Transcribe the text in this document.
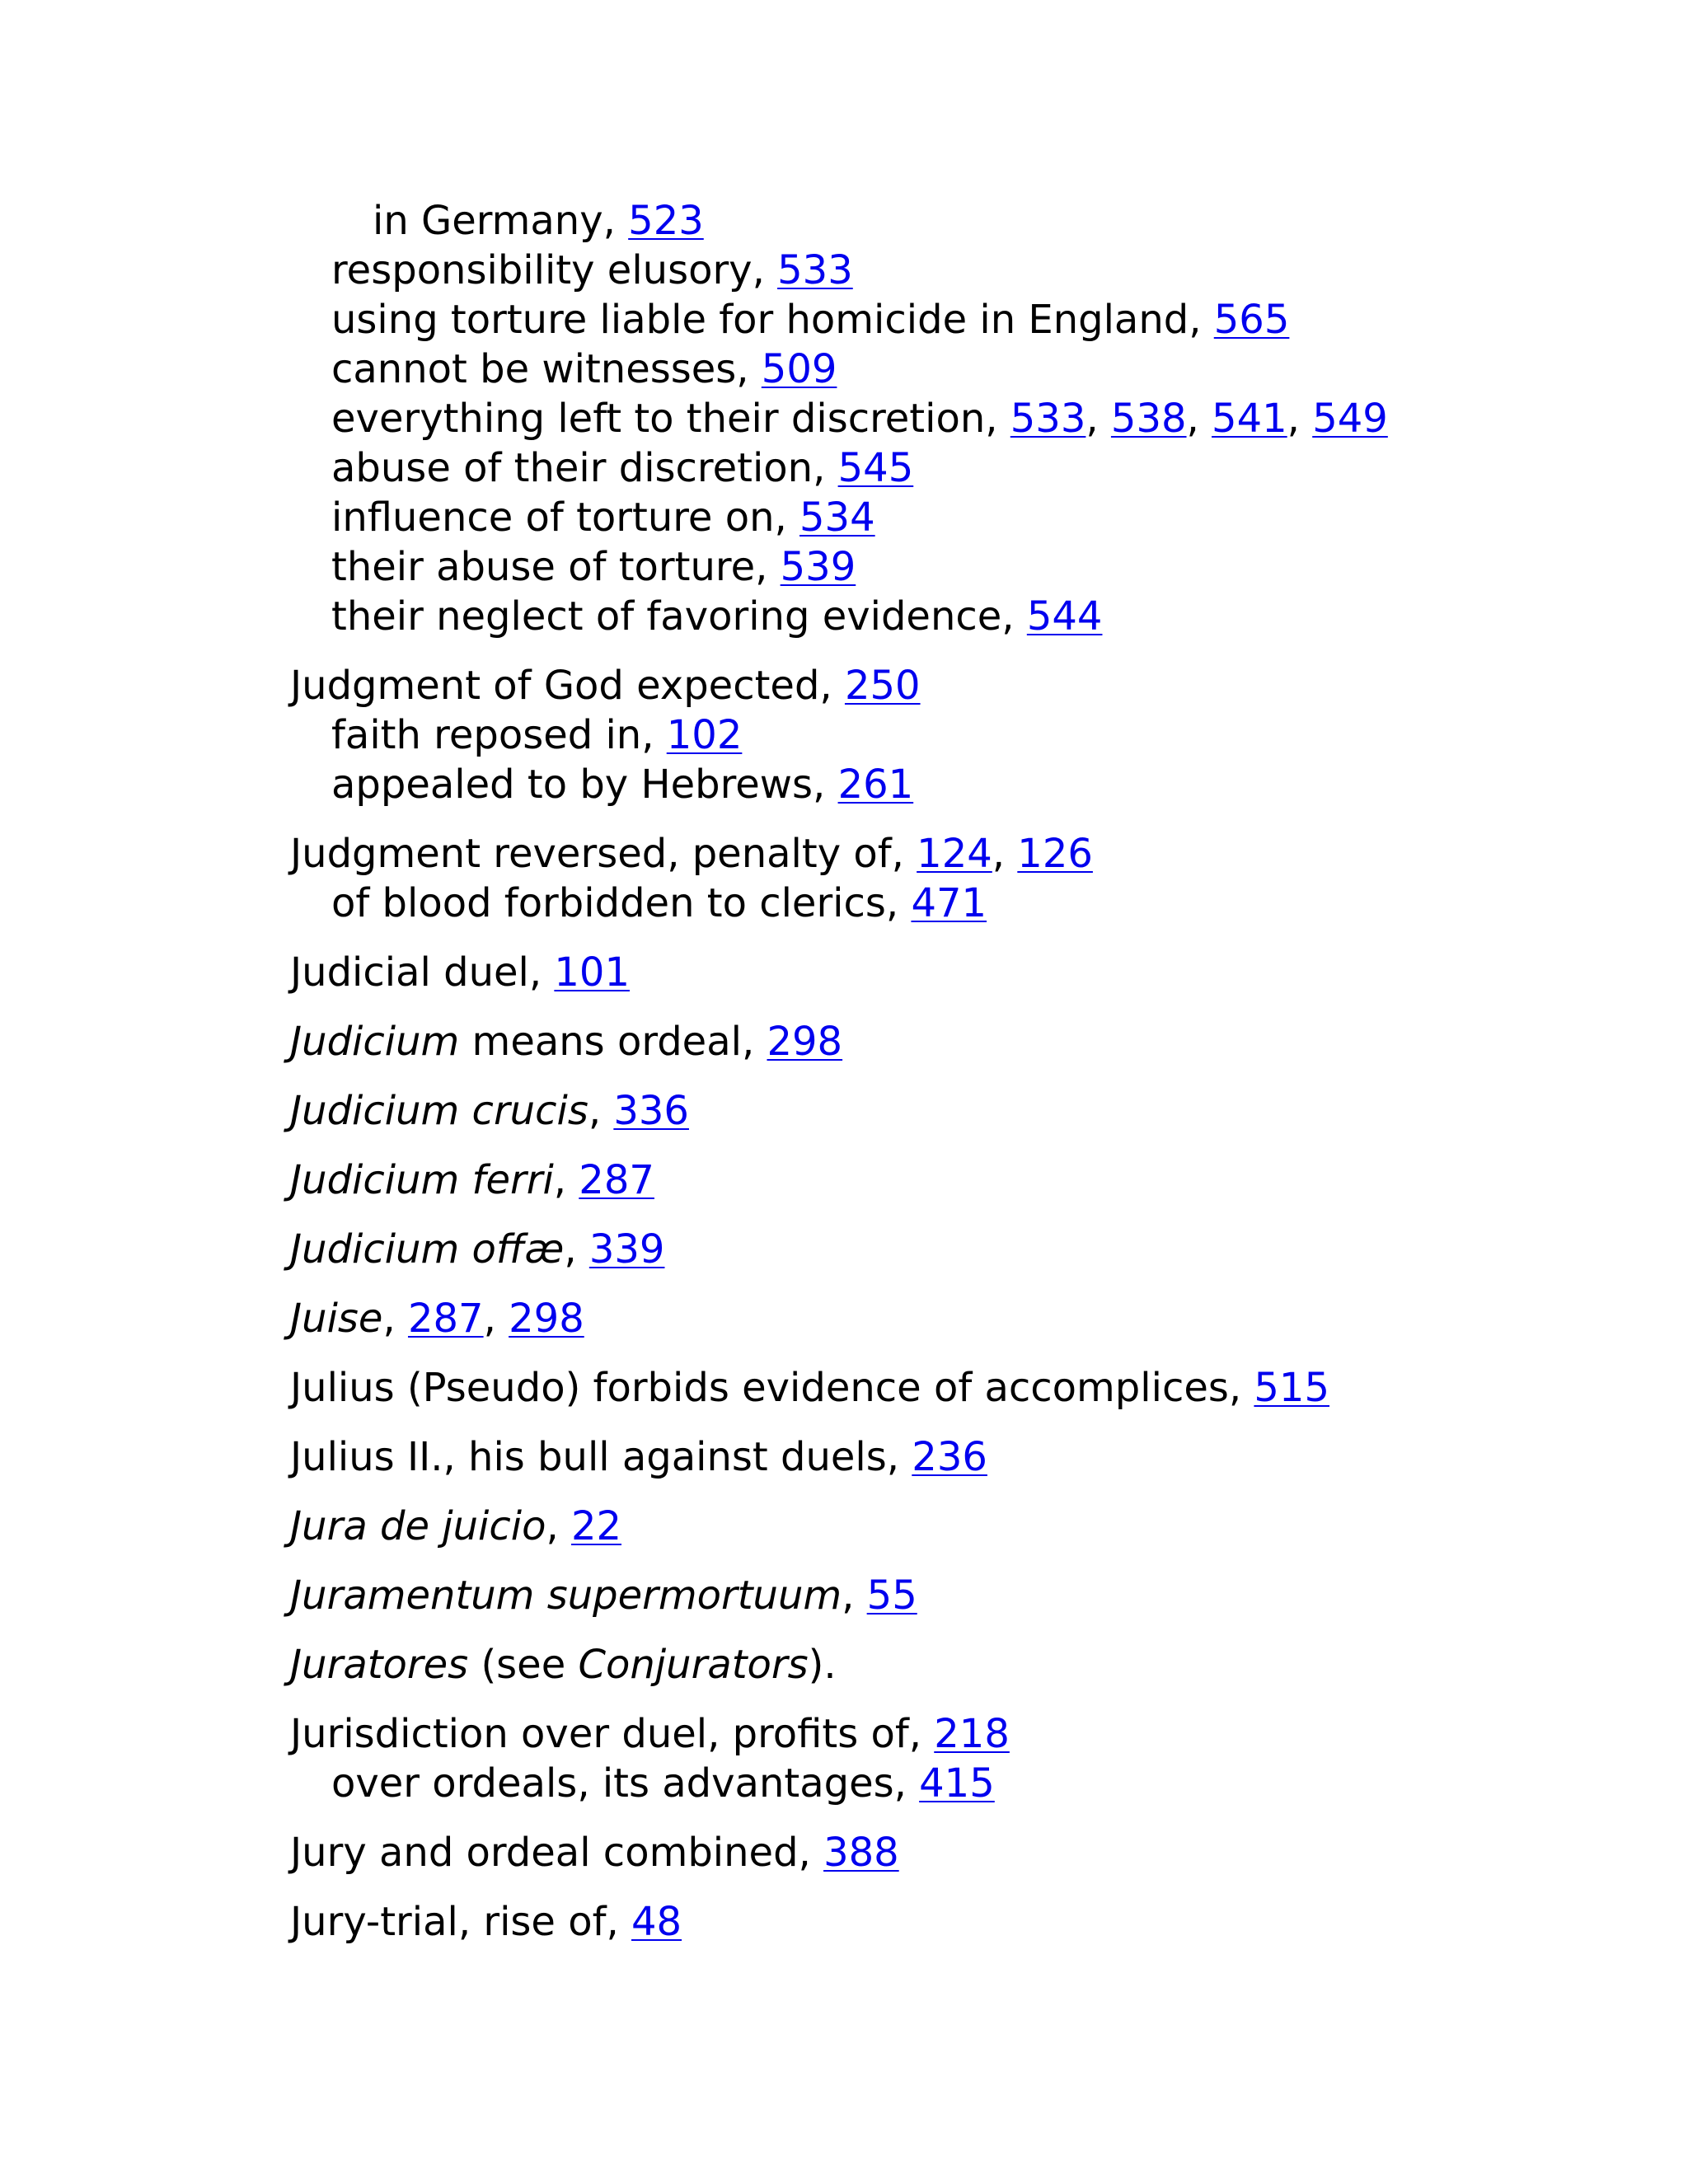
in Germany, 523
responsibility elusory, 533
using torture liable for homicide in England, 565
cannot be witnesses, 509
everything left to their discretion, 533, 538, 541, 549
abuse of their discretion, 545
influence of torture on, 534
their abuse of torture, 539
their neglect of favoring evidence, 544
Judgment of God expected, 250
faith reposed in, 102
appealed to by Hebrews, 261
Judgment reversed, penalty of, 124, 126
of blood forbidden to clerics, 471
Judicial duel, 101
Judicium means ordeal, 298
Judicium crucis, 336
Judicium ferri, 287
Judicium offæ, 339
Juise, 287, 298
Julius (Pseudo) forbids evidence of accomplices, 515
Julius II., his bull against duels, 236
Jura de juicio, 22
Juramentum supermortuum, 55
Juratores (see Conjurators).
Jurisdiction over duel, profits of, 218
over ordeals, its advantages, 415
Jury and ordeal combined, 388
Jury-trial, rise of, 48
